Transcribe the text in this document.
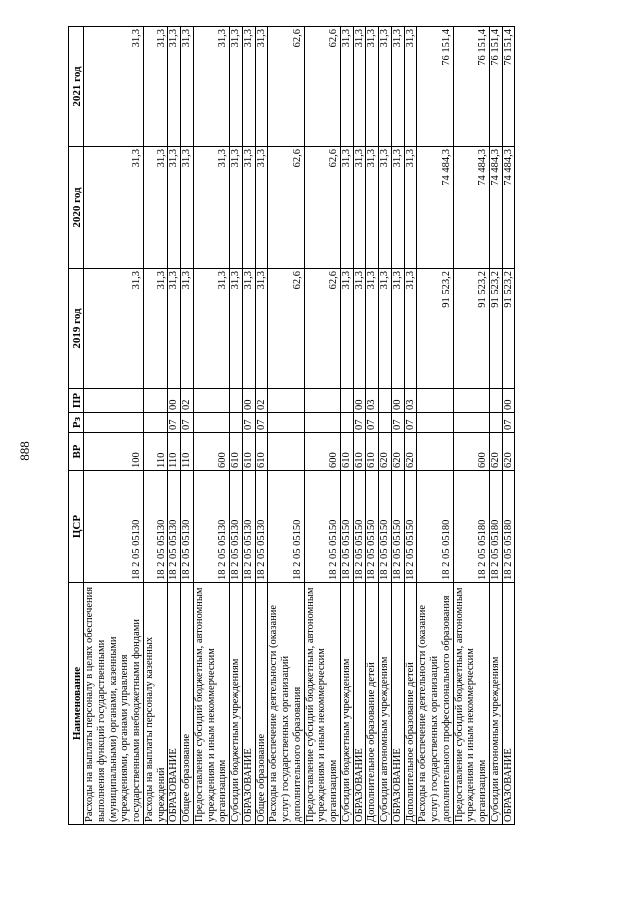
888
Наименование	ЦСР	ВР	Рз	ПР	2019 год	2020 год	2021 год
Расходы на выплаты персоналу в целях обеспечения выполнения функций государственными (муниципальными) органами, казенными учреждениями, органами управления государственными внебюджетными фондами	18 2 05 05130	100			31,3	31,3	31,3
Расходы на выплаты персоналу казенных учреждений	18 2 05 05130	110			31,3	31,3	31,3
ОБРАЗОВАНИЕ	18 2 05 05130	110	07	00	31,3	31,3	31,3
Общее образование	18 2 05 05130	110	07	02	31,3	31,3	31,3
Предоставление субсидий бюджетным, автономным учреждениям и иным некоммерческим организациям	18 2 05 05130	600			31,3	31,3	31,3
Субсидии бюджетным учреждениям	18 2 05 05130	610			31,3	31,3	31,3
ОБРАЗОВАНИЕ	18 2 05 05130	610	07	00	31,3	31,3	31,3
Общее образование	18 2 05 05130	610	07	02	31,3	31,3	31,3
Расходы на обеспечение деятельности (оказание услуг) государственных организаций дополнительного образования	18 2 05 05150				62,6	62,6	62,6
Предоставление субсидий бюджетным, автономным учреждениям и иным некоммерческим организациям	18 2 05 05150	600			62,6	62,6	62,6
Субсидии бюджетным учреждениям	18 2 05 05150	610			31,3	31,3	31,3
ОБРАЗОВАНИЕ	18 2 05 05150	610	07	00	31,3	31,3	31,3
Дополнительное образование детей	18 2 05 05150	610	07	03	31,3	31,3	31,3
Субсидии автономным учреждениям	18 2 05 05150	620			31,3	31,3	31,3
ОБРАЗОВАНИЕ	18 2 05 05150	620	07	00	31,3	31,3	31,3
Дополнительное образование детей	18 2 05 05150	620	07	03	31,3	31,3	31,3
Расходы на обеспечение деятельности (оказание услуг) государственных организаций дополнительного профессионального образования	18 2 05 05180				91 523,2	74 484,3	76 151,4
Предоставление субсидий бюджетным, автономным учреждениям и иным некоммерческим организациям	18 2 05 05180	600			91 523,2	74 484,3	76 151,4
Субсидии автономным учреждениям	18 2 05 05180	620			91 523,2	74 484,3	76 151,4
ОБРАЗОВАНИЕ	18 2 05 05180	620	07	00	91 523,2	74 484,3	76 151,4
